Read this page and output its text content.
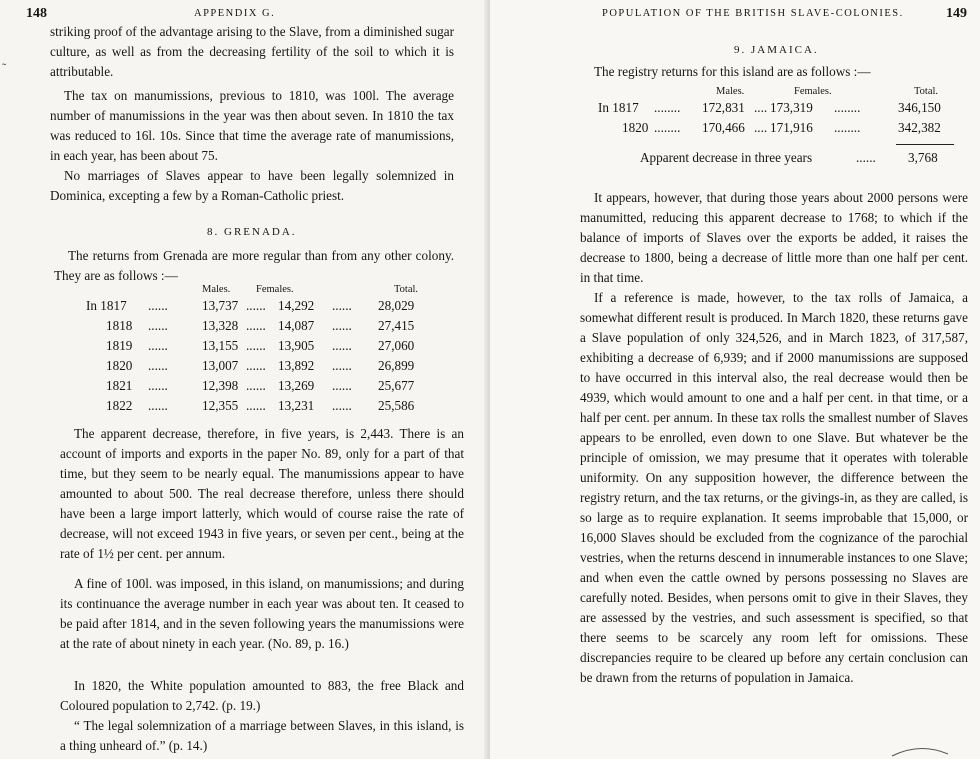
148	APPENDIX G.
˜
striking proof of the advantage arising to the Slave, from a diminished sugar culture, as well as from the decreasing fertility of the soil to which it is attributable.
The tax on manumissions, previous to 1810, was 100l. The average number of manumissions in the year was then about seven. In 1810 the tax was reduced to 16l. 10s. Since that time the average rate of manumissions, in each year, has been about 75.
No marriages of Slaves appear to have been legally solemnized in Dominica, excepting a few by a Roman-Catholic priest.
8. GRENADA.
The returns from Grenada are more regular than from any other colony. They are as follows :—
Males. Females.	Total.
In 1817 ......	13,737 ...... 14,292 ...... 28,029
1818 ......	13,328 ...... 14,087 ...... 27,415
1819 ......	13,155 ...... 13,905 ...... 27,060
1820 ......	13,007 ...... 13,892 ...... 26,899
1821 ......	12,398 ...... 13,269 ...... 25,677
1822 ......	12,355 ...... 13,231 ...... 25,586
The apparent decrease, therefore, in five years, is 2,443. There is an account of imports and exports in the paper No. 89, only for a part of that time, but they seem to be nearly equal. The manumissions appear to have amounted to about 500. The real decrease therefore, unless there should have been a large import latterly, which would of course raise the rate of decrease, will not exceed 1943 in five years, or seven per cent., being at the rate of 1½ per cent. per annum.
A fine of 100l. was imposed, in this island, on manumissions; and during its continuance the average number in each year was about ten. It ceased to be paid after 1814, and in the seven following years the manumissions were at the rate of about ninety in each year. (No. 89, p. 16.)
In 1820, the White population amounted to 883, the free Black and Coloured population to 2,742. (p. 19.)
“ The legal solemnization of a marriage between Slaves, in this island, is a thing unheard of.” (p. 14.)
POPULATION OF THE BRITISH SLAVE-COLONIES.	149
9. JAMAICA.
The registry returns for this island are as follows :—
Males.	Females.	Total.
In 1817 ........ 172,831 .... 173,319 ........	346,150
1820 ........ 170,466 .... 171,916 ........	342,382
Apparent decrease in three years	...... 3,768
It appears, however, that during those years about 2000 persons were manumitted, reducing this apparent decrease to 1768; to which if the balance of imports of Slaves over the exports be added, it raises the decrease to 1800, being a decrease of little more than one half per cent. in that time.
If a reference is made, however, to the tax rolls of Jamaica, a somewhat different result is produced. In March 1820, these returns gave a Slave population of only 324,526, and in March 1823, of 317,587, exhibiting a decrease of 6,939; and if 2000 manumissions are supposed to have occurred in this interval also, the real decrease would then be 4939, which would amount to one and a half per cent. in that time, or a half per cent. per annum. In these tax rolls the smallest number of Slaves appears to be enrolled, even down to one Slave. But whatever be the principle of omission, we may presume that it operates with tolerable uniformity. On any supposition however, the difference between the registry return, and the tax returns, or the givings-in, as they are called, is so large as to require explanation. It seems improbable that 15,000, or 16,000 Slaves should be excluded from the cognizance of the parochial vestries, when the returns descend in innumerable instances to one Slave; and when even the cattle owned by persons possessing no Slaves are carefully noted. Besides, when persons omit to give in their Slaves, they are assessed by the vestries, and such assessment is specified, so that there seems to be scarcely any room left for omissions. These discrepancies require to be cleared up before any certain conclusion can be drawn from the returns of population in Jamaica.
